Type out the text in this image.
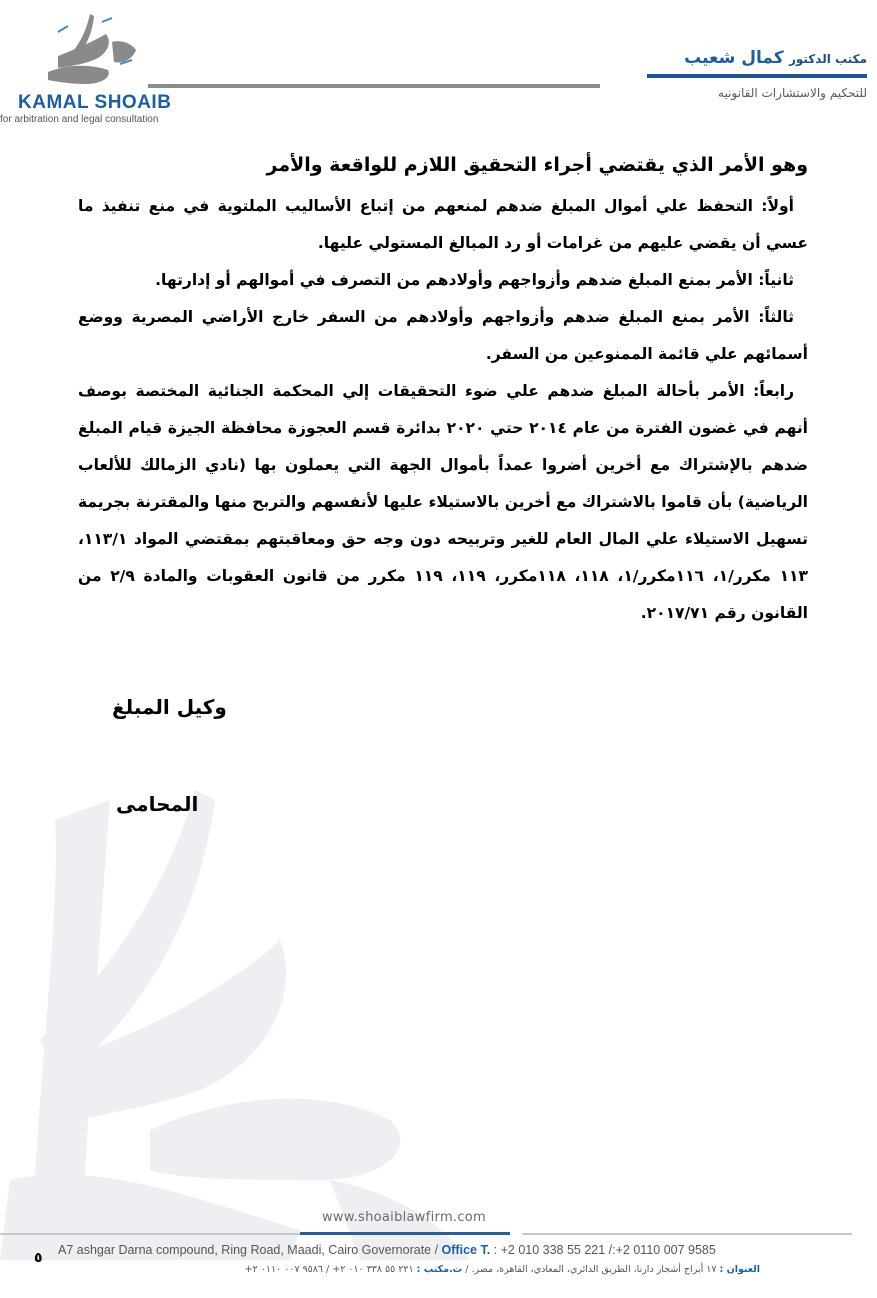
KAMAL SHOAIB
for arbitration and legal consultation
مكتب الدكتور كمال شعيب
للتحكيم والاستشارات القانونيه
وهو الأمر الذي يقتضي أجراء التحقيق اللازم للواقعة والأمر

أولاً: التحفظ علي أموال المبلغ ضدهم لمنعهم من إتباع الأساليب الملتوية في منع تنفيذ ما عسي أن يقضي عليهم من غرامات أو رد المبالغ المستولي عليها.

ثانياً: الأمر بمنع المبلغ ضدهم وأزواجهم وأولادهم من التصرف في أموالهم أو إدارتها.

ثالثاً: الأمر بمنع المبلغ ضدهم وأزواجهم وأولادهم من السفر خارج الأراضي المصرية ووضع أسمائهم علي قائمة الممنوعين من السفر.

رابعاً: الأمر بأحالة المبلغ ضدهم علي ضوء التحقيقات إلي المحكمة الجنائية المختصة بوصف أنهم في غضون الفترة من عام ٢٠١٤ حتي ٢٠٢٠ بدائرة قسم العجوزة محافظة الجيزة قيام المبلغ ضدهم بالإشتراك مع أخرين أضروا عمداً بأموال الجهة التي يعملون بها (نادي الزمالك للألعاب الرياضية) بأن قاموا بالاشتراك مع أخرين بالاستيلاء عليها لأنفسهم والتربح منها والمقترنة بجريمة تسهيل الاستيلاء علي المال العام للغير وتربيحه دون وجه حق ومعاقبتهم بمقتضي المواد ١١٣/١، ١١٣ مكرر/١، ١١٦مكرر/١، ١١٨، ١١٨مكرر، ١١٩، ١١٩ مكرر من قانون العقوبات والمادة ٢/٩ من القانون رقم ٢٠١٧/٧١.

وكيل المبلغ
المحامى
www.shoaiblawfirm.com
A7 ashgar Darna compound, Ring Road, Maadi, Cairo Governorate / Office T. : +2 010 338 55 221 /:+2 0110 007 9585
العنوان : ١٧ أبراج أشجار دارنا، الطريق الدائري، المعادي، القاهرة، مصر. / ت.مكتب : ٢٢١ ٥٥ ٣٣٨ ٠١٠ ٢+ / ٩٥٨٦ ٠٠٧ ٠١١٠ ٢+
٥
